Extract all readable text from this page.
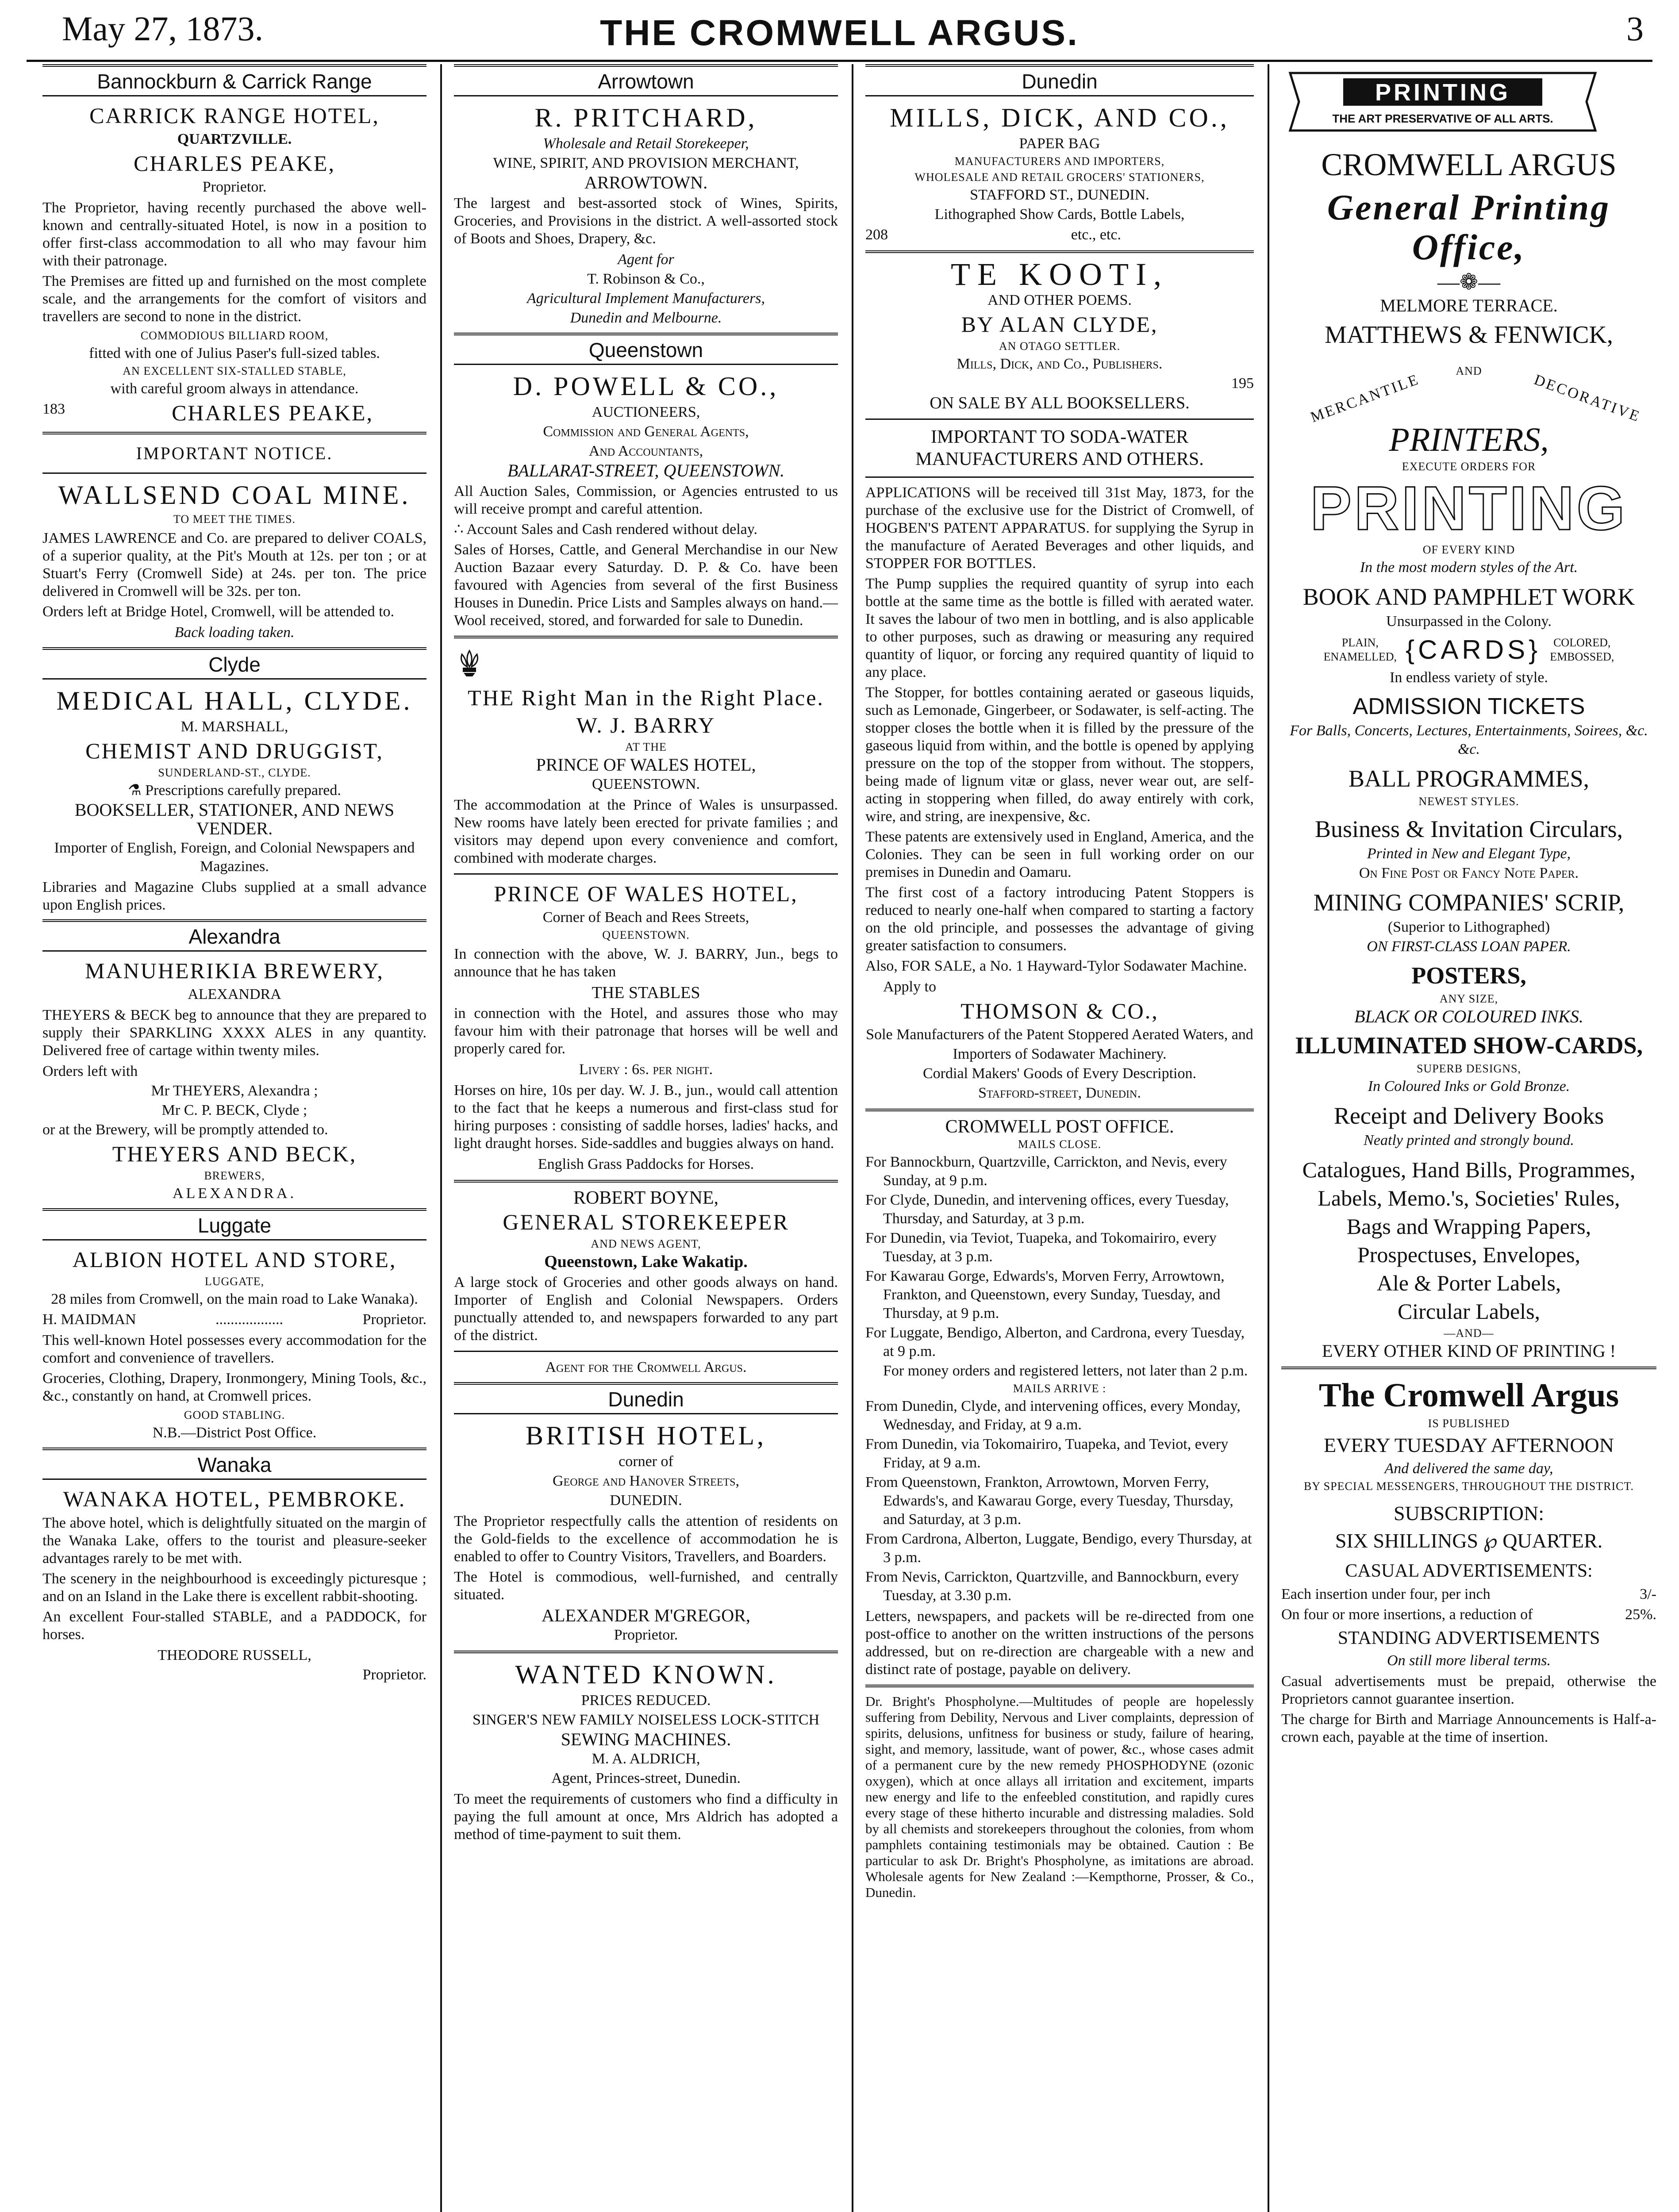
May 27, 1873.	THE CROMWELL ARGUS.	3
Bannockburn & Carrick Range
CARRICK RANGE HOTEL,
QUARTZVILLE.
CHARLES PEAKE,
Proprietor.

The Proprietor, having recently purchased the above well-known and centrally-situated Hotel, is now in a position to offer first-class accommodation to all who may favour him with their patronage.

The Premises are fitted up and furnished on the most complete scale, and the arrangements for the comfort of visitors and travellers are second to none in the district.

COMMODIOUS BILLIARD ROOM,
fitted with one of Julius Paser's full-sized tables.
AN EXCELLENT SIX-STALLED STABLE,
with careful groom always in attendance.
183	CHARLES PEAKE,
IMPORTANT NOTICE.
WALLSEND COAL MINE.
TO MEET THE TIMES.

JAMES LAWRENCE and Co. are prepared to deliver COALS, of a superior quality, at the Pit's Mouth at 12s. per ton ; or at Stuart's Ferry (Cromwell Side) at 24s. per ton. The price delivered in Cromwell will be 32s. per ton.

Orders left at Bridge Hotel, Cromwell, will be attended to.

Back loading taken.
Clyde
MEDICAL HALL, CLYDE.
M. MARSHALL,
CHEMIST AND DRUGGIST,
SUNDERLAND-ST., CLYDE.
⚗ Prescriptions carefully prepared.
BOOKSELLER, STATIONER, AND NEWS VENDER.
Importer of English, Foreign, and Colonial Newspapers and Magazines.

Libraries and Magazine Clubs supplied at a small advance upon English prices.

Alexandra
MANUHERIKIA BREWERY,
ALEXANDRA

THEYERS & BECK beg to announce that they are prepared to supply their SPARKLING XXXX ALES in any quantity. Delivered free of cartage within twenty miles.

Orders left with
Mr THEYERS, Alexandra ;
Mr C. P. BECK, Clyde ;
or at the Brewery, will be promptly attended to.
THEYERS AND BECK,
BREWERS,
ALEXANDRA.
Luggate
ALBION HOTEL AND STORE,
LUGGATE,
28 miles from Cromwell, on the main road to Lake Wanaka).
H. MAIDMAN	..................	Proprietor.

This well-known Hotel possesses every accommodation for the comfort and convenience of travellers.

Groceries, Clothing, Drapery, Ironmongery, Mining Tools, &c., &c., constantly on hand, at Cromwell prices.

GOOD STABLING.
N.B.—District Post Office.
Wanaka
WANAKA HOTEL, PEMBROKE.

The above hotel, which is delightfully situated on the margin of the Wanaka Lake, offers to the tourist and pleasure-seeker advantages rarely to be met with.

The scenery in the neighbourhood is exceedingly picturesque ; and on an Island in the Lake there is excellent rabbit-shooting.

An excellent Four-stalled STABLE, and a PADDOCK, for horses.

THEODORE RUSSELL,
Proprietor.
Arrowtown
R. PRITCHARD,
Wholesale and Retail Storekeeper,
WINE, SPIRIT, AND PROVISION MERCHANT,
ARROWTOWN.

The largest and best-assorted stock of Wines, Spirits, Groceries, and Provisions in the district. A well-assorted stock of Boots and Shoes, Drapery, &c.

Agent for
T. Robinson & Co.,
Agricultural Implement Manufacturers,
Dunedin and Melbourne.
Queenstown
D. POWELL & CO.,
AUCTIONEERS,
Commission and General Agents,
And Accountants,
BALLARAT-STREET, QUEENSTOWN.

All Auction Sales, Commission, or Agencies entrusted to us will receive prompt and careful attention.

∴ Account Sales and Cash rendered without delay.

Sales of Horses, Cattle, and General Merchandise in our New Auction Bazaar every Saturday. D. P. & Co. have been favoured with Agencies from several of the first Business Houses in Dunedin. Price Lists and Samples always on hand.—Wool received, stored, and forwarded for sale to Dunedin.

THE Right Man in the Right Place.
W. J. BARRY
AT THE
PRINCE OF WALES HOTEL,
QUEENSTOWN.

The accommodation at the Prince of Wales is unsurpassed. New rooms have lately been erected for private families ; and visitors may depend upon every convenience and comfort, combined with moderate charges.

PRINCE OF WALES HOTEL,
Corner of Beach and Rees Streets,
QUEENSTOWN.

In connection with the above, W. J. BARRY, Jun., begs to announce that he has taken

THE STABLES

in connection with the Hotel, and assures those who may favour him with their patronage that horses will be well and properly cared for.

Livery : 6s. per night.

Horses on hire, 10s per day. W. J. B., jun., would call attention to the fact that he keeps a numerous and first-class stud for hiring purposes : consisting of saddle horses, ladies' hacks, and light draught horses. Side-saddles and buggies always on hand.

English Grass Paddocks for Horses.
ROBERT BOYNE,
GENERAL STOREKEEPER
AND NEWS AGENT,
Queenstown, Lake Wakatip.

A large stock of Groceries and other goods always on hand. Importer of English and Colonial Newspapers. Orders punctually attended to, and newspapers forwarded to any part of the district.

Agent for the Cromwell Argus.
Dunedin
BRITISH HOTEL,
corner of
George and Hanover Streets,
DUNEDIN.

The Proprietor respectfully calls the attention of residents on the Gold-fields to the excellence of accommodation he is enabled to offer to Country Visitors, Travellers, and Boarders.

The Hotel is commodious, well-furnished, and centrally situated.

ALEXANDER M'GREGOR,
Proprietor.
WANTED KNOWN.
PRICES REDUCED.
SINGER'S NEW FAMILY NOISELESS LOCK-STITCH
SEWING MACHINES.
M. A. ALDRICH,
Agent, Princes-street, Dunedin.

To meet the requirements of customers who find a difficulty in paying the full amount at once, Mrs Aldrich has adopted a method of time-payment to suit them.

Dunedin
MILLS, DICK, AND CO.,
PAPER BAG
MANUFACTURERS AND IMPORTERS,
WHOLESALE AND RETAIL GROCERS' STATIONERS,
STAFFORD ST., DUNEDIN.
Lithographed Show Cards, Bottle Labels,
208	etc., etc.
TE KOOTI,
AND OTHER POEMS.
BY ALAN CLYDE,
AN OTAGO SETTLER.
Mills, Dick, and Co., Publishers.
195
ON SALE BY ALL BOOKSELLERS.
IMPORTANT TO SODA-WATER MANUFACTURERS AND OTHERS.

APPLICATIONS will be received till 31st May, 1873, for the purchase of the exclusive use for the District of Cromwell, of HOGBEN'S PATENT APPARATUS. for supplying the Syrup in the manufacture of Aerated Beverages and other liquids, and STOPPER FOR BOTTLES.

The Pump supplies the required quantity of syrup into each bottle at the same time as the bottle is filled with aerated water. It saves the labour of two men in bottling, and is also applicable to other purposes, such as drawing or measuring any required quantity of liquor, or forcing any required quantity of liquid to any place.

The Stopper, for bottles containing aerated or gaseous liquids, such as Lemonade, Gingerbeer, or Sodawater, is self-acting. The stopper closes the bottle when it is filled by the pressure of the gaseous liquid from within, and the bottle is opened by applying pressure on the top of the stopper from without. The stoppers, being made of lignum vitæ or glass, never wear out, are self-acting in stoppering when filled, do away entirely with cork, wire, and string, are inexpensive, &c.

These patents are extensively used in England, America, and the Colonies. They can be seen in full working order on our premises in Dunedin and Oamaru.

The first cost of a factory introducing Patent Stoppers is reduced to nearly one-half when compared to starting a factory on the old principle, and possesses the advantage of giving greater satisfaction to consumers.

Also, FOR SALE, a No. 1 Hayward-Tylor Sodawater Machine.

Apply to
THOMSON & CO.,
Sole Manufacturers of the Patent Stoppered Aerated Waters, and
Importers of Sodawater Machinery.
Cordial Makers' Goods of Every Description.
Stafford-street, Dunedin.
CROMWELL POST OFFICE.
MAILS CLOSE.
For Bannockburn, Quartzville, Carrickton, and Nevis, every Sunday, at 9 p.m.
For Clyde, Dunedin, and intervening offices, every Tuesday, Thursday, and Saturday, at 3 p.m.
For Dunedin, via Teviot, Tuapeka, and Tokomairiro, every Tuesday, at 3 p.m.
For Kawarau Gorge, Edwards's, Morven Ferry, Arrowtown, Frankton, and Queenstown, every Sunday, Tuesday, and Thursday, at 9 p.m.
For Luggate, Bendigo, Alberton, and Cardrona, every Tuesday, at 9 p.m.
For money orders and registered letters, not later than 2 p.m.
MAILS ARRIVE :
From Dunedin, Clyde, and intervening offices, every Monday, Wednesday, and Friday, at 9 a.m.
From Dunedin, via Tokomairiro, Tuapeka, and Teviot, every Friday, at 9 a.m.
From Queenstown, Frankton, Arrowtown, Morven Ferry, Edwards's, and Kawarau Gorge, every Tuesday, Thursday, and Saturday, at 3 p.m.
From Cardrona, Alberton, Luggate, Bendigo, every Thursday, at 3 p.m.
From Nevis, Carrickton, Quartzville, and Bannockburn, every Tuesday, at 3.30 p.m.

Letters, newspapers, and packets will be re-directed from one post-office to another on the written instructions of the persons addressed, but on re-direction are chargeable with a new and distinct rate of postage, payable on delivery.

Dr. Bright's Phospholyne.—Multitudes of people are hopelessly suffering from Debility, Nervous and Liver complaints, depression of spirits, delusions, unfitness for business or study, failure of hearing, sight, and memory, lassitude, want of power, &c., whose cases admit of a permanent cure by the new remedy PHOSPHODYNE (ozonic oxygen), which at once allays all irritation and excitement, imparts new energy and life to the enfeebled constitution, and rapidly cures every stage of these hitherto incurable and distressing maladies. Sold by all chemists and storekeepers throughout the colonies, from whom pamphlets containing testimonials may be obtained. Caution : Be particular to ask Dr. Bright's Phospholyne, as imitations are abroad. Wholesale agents for New Zealand :—Kempthorne, Prosser, & Co., Dunedin.

PRINTING
THE ART PRESERVATIVE OF ALL ARTS.
CROMWELL ARGUS
General Printing Office,
—❁—
MELMORE TERRACE.
MATTHEWS & FENWICK,
MERCANTILE
AND
DECORATIVE
PRINTERS,
EXECUTE ORDERS FOR
PRINTING
OF EVERY KIND
In the most modern styles of the Art.
BOOK AND PAMPHLET WORK
Unsurpassed in the Colony.
PLAIN,
ENAMELLED, {CARDS}	COLORED,
EMBOSSED,
In endless variety of style.
ADMISSION TICKETS
For Balls, Concerts, Lectures, Entertainments, Soirees, &c. &c.
BALL PROGRAMMES,
NEWEST STYLES.
Business & Invitation Circulars,
Printed in New and Elegant Type,
On Fine Post or Fancy Note Paper.
MINING COMPANIES' SCRIP,
(Superior to Lithographed)
ON FIRST-CLASS LOAN PAPER.
POSTERS,
ANY SIZE,
BLACK OR COLOURED INKS.
ILLUMINATED SHOW-CARDS,
SUPERB DESIGNS,
In Coloured Inks or Gold Bronze.
Receipt and Delivery Books
Neatly printed and strongly bound.
Catalogues, Hand Bills, Programmes,
Labels, Memo.'s, Societies' Rules,
Bags and Wrapping Papers,
Prospectuses, Envelopes,
Ale & Porter Labels,
Circular Labels,
—AND—
EVERY OTHER KIND OF PRINTING !
The Cromwell Argus
IS PUBLISHED
EVERY TUESDAY AFTERNOON
And delivered the same day,
BY SPECIAL MESSENGERS, THROUGHOUT THE DISTRICT.
SUBSCRIPTION:
SIX SHILLINGS ℘ QUARTER.
CASUAL ADVERTISEMENTS:
Each insertion under four, per inch	3/-
On four or more insertions, a reduction of	25%.
STANDING ADVERTISEMENTS
On still more liberal terms.

Casual advertisements must be prepaid, otherwise the Proprietors cannot guarantee insertion.

The charge for Birth and Marriage Announcements is Half-a-crown each, payable at the time of insertion.
